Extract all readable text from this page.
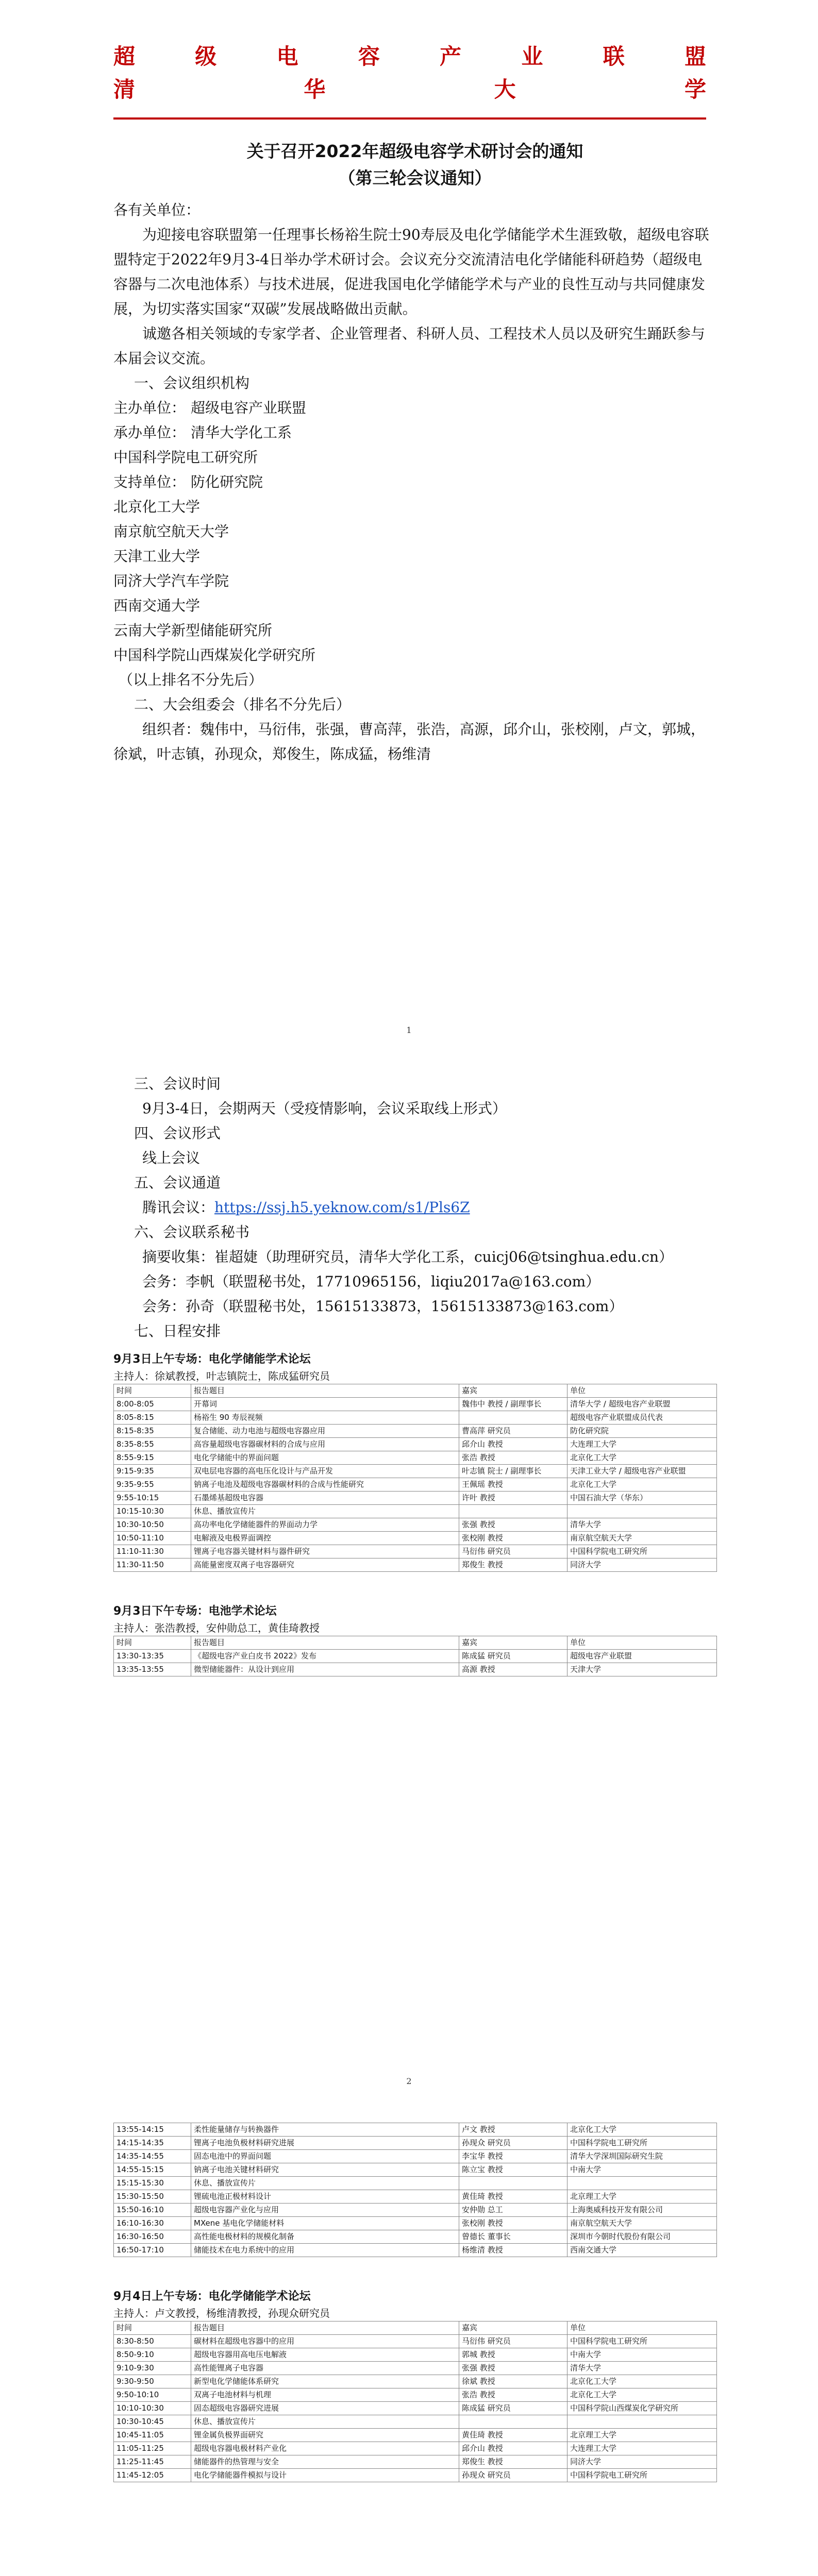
超	级	电	容	产	业	联	盟
清	华	大	学
关于召开2022年超级电容学术研讨会的通知
（第三轮会议通知）

各有关单位：

为迎接电容联盟第一任理事长杨裕生院士90寿辰及电化学储能学术生涯致敬，超级电容联盟特定于2022年9月3-4日举办学术研讨会。会议充分交流清洁电化学储能科研趋势（超级电容器与二次电池体系）与技术进展，促进我国电化学储能学术与产业的良性互动与共同健康发展，为切实落实国家“双碳”发展战略做出贡献。

诚邀各相关领域的专家学者、企业管理者、科研人员、工程技术人员以及研究生踊跃参与本届会议交流。

一、会议组织机构

主办单位： 超级电容产业联盟

承办单位： 清华大学化工系

中国科学院电工研究所

支持单位： 防化研究院

北京化工大学

南京航空航天大学

天津工业大学

同济大学汽车学院

西南交通大学

云南大学新型储能研究所

中国科学院山西煤炭化学研究所

（以上排名不分先后）

二、大会组委会（排名不分先后）

组织者：魏伟中，马衍伟，张强，曹高萍，张浩，高源，邱介山，张校刚，卢文，郭城，徐斌，叶志镇，孙现众，郑俊生，陈成猛，杨维清

1

三、会议时间

9月3-4日，会期两天（受疫情影响，会议采取线上形式）

四、会议形式

线上会议

五、会议通道

腾讯会议：https://ssj.h5.yeknow.com/s1/Pls6Z

六、会议联系秘书

摘要收集：崔超婕（助理研究员，清华大学化工系，cuicj06@tsinghua.edu.cn）

会务：李帆（联盟秘书处，17710965156，liqiu2017a@163.com）

会务：孙奇（联盟秘书处，15615133873，15615133873@163.com）

七、日程安排

9月3日上午专场：电化学储能学术论坛

主持人：徐斌教授，叶志镇院士，陈成猛研究员

时间	报告题目	嘉宾	单位
8:00-8:05	开幕词	魏伟中 教授 / 副理事长	清华大学 / 超级电容产业联盟
8:05-8:15	杨裕生 90 寿辰视频		超级电容产业联盟成员代表
8:15-8:35	复合储能、动力电池与超级电容器应用	曹高萍 研究员	防化研究院
8:35-8:55	高容量超级电容器碳材料的合成与应用	邱介山 教授	大连理工大学
8:55-9:15	电化学储能中的界面问题	张浩 教授	北京化工大学
9:15-9:35	双电层电容器的高电压化设计与产品开发	叶志镇 院士 / 副理事长	天津工业大学 / 超级电容产业联盟
9:35-9:55	钠离子电池及超级电容器碳材料的合成与性能研究	王佩瑶 教授	北京化工大学
9:55-10:15	石墨烯基超级电容器	许叶 教授	中国石油大学（华东）
10:15-10:30	休息、播放宣传片		
10:30-10:50	高功率电化学储能器件的界面动力学	张强 教授	清华大学
10:50-11:10	电解液及电极界面调控	张校刚 教授	南京航空航天大学
11:10-11:30	锂离子电容器关键材料与器件研究	马衍伟 研究员	中国科学院电工研究所
11:30-11:50	高能量密度双离子电容器研究	郑俊生 教授	同济大学

9月3日下午专场：电池学术论坛

主持人：张浩教授，安仲勋总工，黄佳琦教授

时间	报告题目	嘉宾	单位
13:30-13:35	《超级电容产业白皮书 2022》发布	陈成猛 研究员	超级电容产业联盟
13:35-13:55	微型储能器件：从设计到应用	高源 教授	天津大学
2
13:55-14:15	柔性能量储存与转换器件	卢文 教授	北京化工大学
14:15-14:35	锂离子电池负极材料研究进展	孙现众 研究员	中国科学院电工研究所
14:35-14:55	固态电池中的界面问题	李宝华 教授	清华大学深圳国际研究生院
14:55-15:15	钠离子电池关键材料研究	陈立宝 教授	中南大学
15:15-15:30	休息、播放宣传片		
15:30-15:50	锂硫电池正极材料设计	黄佳琦 教授	北京理工大学
15:50-16:10	超级电容器产业化与应用	安仲勋 总工	上海奥威科技开发有限公司
16:10-16:30	MXene 基电化学储能材料	张校刚 教授	南京航空航天大学
16:30-16:50	高性能电极材料的规模化制备	曾德长 董事长	深圳市今朝时代股份有限公司
16:50-17:10	储能技术在电力系统中的应用	杨维清 教授	西南交通大学

9月4日上午专场：电化学储能学术论坛

主持人：卢文教授，杨维清教授，孙现众研究员

时间	报告题目	嘉宾	单位
8:30-8:50	碳材料在超级电容器中的应用	马衍伟 研究员	中国科学院电工研究所
8:50-9:10	超级电容器用高电压电解液	郭城 教授	中南大学
9:10-9:30	高性能锂离子电容器	张强 教授	清华大学
9:30-9:50	新型电化学储能体系研究	徐斌 教授	北京化工大学
9:50-10:10	双离子电池材料与机理	张浩 教授	北京化工大学
10:10-10:30	固态超级电容器研究进展	陈成猛 研究员	中国科学院山西煤炭化学研究所
10:30-10:45	休息、播放宣传片		
10:45-11:05	锂金属负极界面研究	黄佳琦 教授	北京理工大学
11:05-11:25	超级电容器电极材料产业化	邱介山 教授	大连理工大学
11:25-11:45	储能器件的热管理与安全	郑俊生 教授	同济大学
11:45-12:05	电化学储能器件模拟与设计	孙现众 研究员	中国科学院电工研究所
